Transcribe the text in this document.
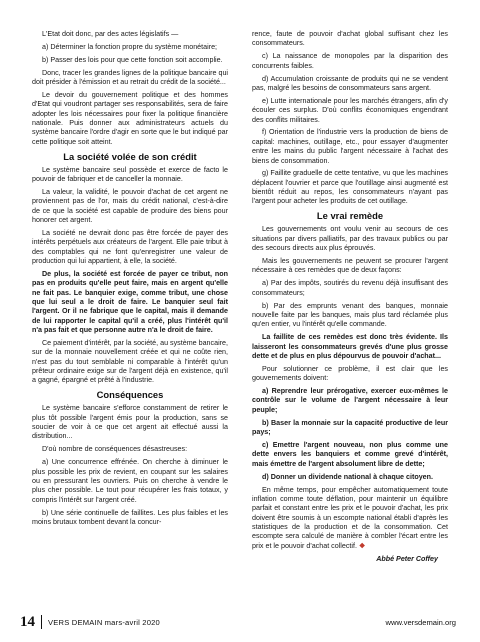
L'Etat doit donc, par des actes législatifs —

a) Déterminer la fonction propre du système monétaire;

b) Passer des lois pour que cette fonction soit accomplie.

Donc, tracer les grandes lignes de la politique bancaire qui doit présider à l'émission et au retrait du crédit de la société...

Le devoir du gouvernement politique et des hommes d'Etat qui voudront partager ses responsabilités, sera de faire adopter les lois nécessaires pour fixer la politique financière nationale. Puis donner aux administrateurs actuels du système bancaire l'ordre d'agir en sorte que le but indiqué par cette politique soit atteint.

La société volée de son crédit

Le système bancaire seul possède et exerce de facto le pouvoir de fabriquer et de canceller la monnaie.

La valeur, la validité, le pouvoir d'achat de cet argent ne proviennent pas de l'or, mais du crédit national, c'est-à-dire de ce que la société est capable de produire des biens pour honorer cet argent.

La société ne devrait donc pas être forcée de payer des intérêts perpétuels aux créateurs de l'argent. Elle paie tribut à des comptables qui ne font qu'enregistrer une valeur de production qui lui appartient, à elle, la société.

De plus, la société est forcée de payer ce tribut, non pas en produits qu'elle peut faire, mais en argent qu'elle ne fait pas. Le banquier exige, comme tribut, une chose que lui seul a le droit de faire. Le banquier seul fait l'argent. Or il ne fabrique que le capital, mais il demande de lui rapporter le capital qu'il a créé, plus l'intérêt qu'il n'a pas fait et que personne autre n'a le droit de faire.

Ce paiement d'intérêt, par la société, au système bancaire, sur de la monnaie nouvellement créée et qui ne coûte rien, n'est pas du tout semblable ni comparable à l'intérêt qu'un prêteur ordinaire exige sur de l'argent déjà en existence, qu'il a gagné, épargné et prêté à l'industrie.

Conséquences

Le système bancaire s'efforce constamment de retirer le plus tôt possible l'argent émis pour la production, sans se soucier de voir à ce que cet argent ait effectué aussi la distribution...

D'où nombre de conséquences désastreuses:

a) Une concurrence effrénée. On cherche à diminuer le plus possible les prix de revient, en coupant sur les salaires ou en pressurant les ouvriers. Puis on cherche à vendre le plus cher possible. Le tout pour récupérer les frais totaux, y compris l'intérêt sur l'argent créé.

b) Une série continuelle de faillites. Les plus faibles et les moins brutaux tombent devant la concur-

rence, faute de pouvoir d'achat global suffisant chez les consommateurs.

c) La naissance de monopoles par la disparition des concurrents faibles.

d) Accumulation croissante de produits qui ne se vendent pas, malgré les besoins de consommateurs sans argent.

e) Lutte internationale pour les marchés étrangers, afin d'y écouler ces surplus. D'où conflits économiques engendrant des conflits militaires.

f) Orientation de l'industrie vers la production de biens de capital: machines, outillage, etc., pour essayer d'augmenter entre les mains du public l'argent nécessaire à l'achat des biens de consommation.

g) Faillite graduelle de cette tentative, vu que les machines déplacent l'ouvrier et parce que l'outillage ainsi augmenté est bientôt réduit au repos, les consommateurs n'ayant pas l'argent pour acheter les produits de cet outillage.

Le vrai remède

Les gouvernements ont voulu venir au secours de ces situations par divers palliatifs, par des travaux publics ou par des secours directs aux plus éprouvés.

Mais les gouvernements ne peuvent se procurer l'argent nécessaire à ces remèdes que de deux façons:

a) Par des impôts, soutirés du revenu déjà insuffisant des consommateurs;

b) Par des emprunts venant des banques, monnaie nouvelle faite par les banques, mais plus tard réclamée plus qu'en entier, vu l'intérêt qu'elle commande.

La faillite de ces remèdes est donc très évidente. Ils laisseront les consommateurs grevés d'une plus grosse dette et de plus en plus dépourvus de pouvoir d'achat...

Pour solutionner ce problème, il est clair que les gouvernements doivent:

a) Reprendre leur prérogative, exercer eux-mêmes le contrôle sur le volume de l'argent nécessaire à leur peuple;

b) Baser la monnaie sur la capacité productive de leur pays;

c) Emettre l'argent nouveau, non plus comme une dette envers les banquiers et comme grevé d'intérêt, mais émettre de l'argent absolument libre de dette;

d) Donner un dividende national à chaque citoyen.

En même temps, pour empêcher automatiquement toute inflation comme toute déflation, pour maintenir un équilibre parfait et constant entre les prix et le pouvoir d'achat, les prix doivent être soumis à un escompte national établi d'après les statistiques de la production et de la consommation. Cet escompte sera calculé de manière à combler l'écart entre les prix et le pouvoir d'achat collectif. ❖

Abbé Peter Coffey

14 VERS DEMAIN mars-avril 2020	www.versdemain.org
